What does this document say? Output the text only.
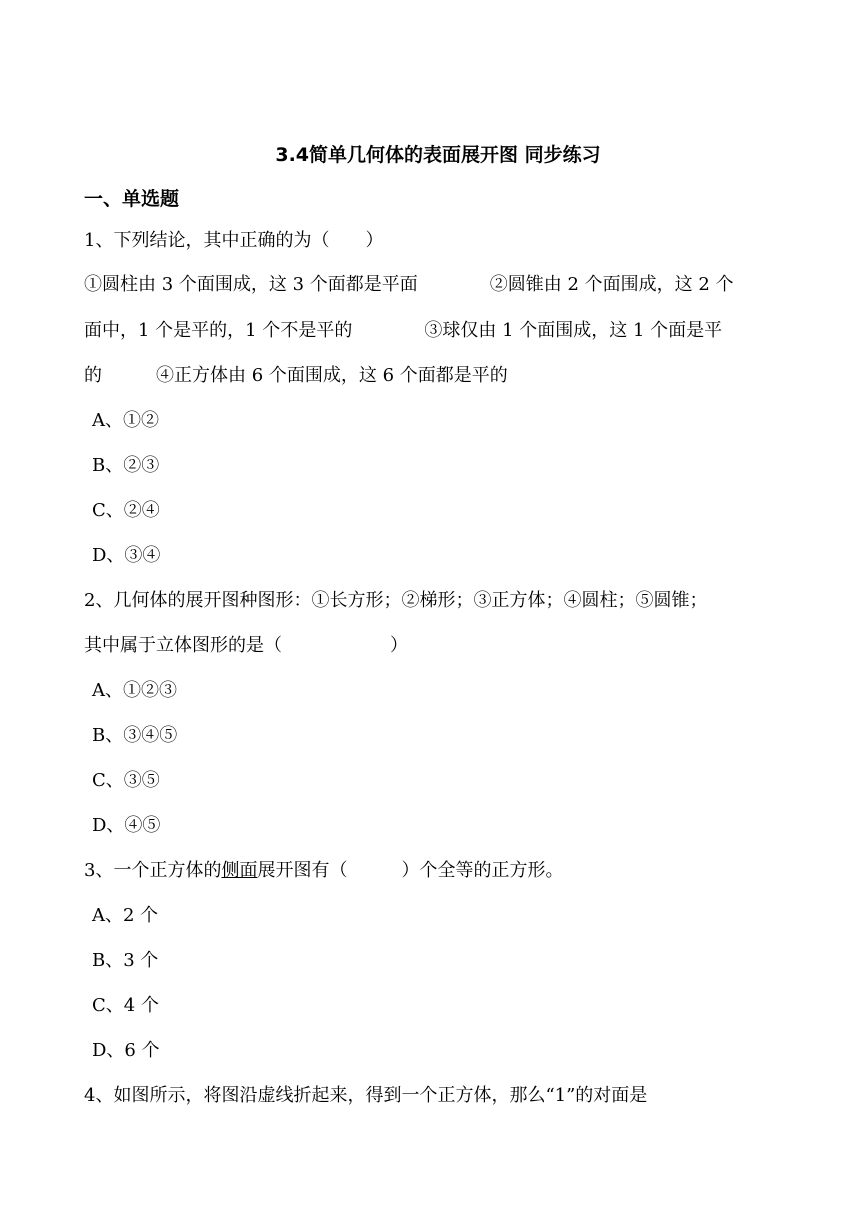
3.4简单几何体的表面展开图 同步练习
一、单选题
1、下列结论，其中正确的为（　　）
①圆柱由 3 个面围成，这 3 个面都是平面　　　　②圆锥由 2 个面围成，这 2 个
面中，1 个是平的，1 个不是平的　　　　③球仅由 1 个面围成，这 1 个面是平
的　　　④正方体由 6 个面围成，这 6 个面都是平的
A、①②
B、②③
C、②④
D、③④
2、几何体的展开图种图形：①长方形；②梯形；③正方体；④圆柱；⑤圆锥；
其中属于立体图形的是（　　　　　　）
A、①②③
B、③④⑤
C、③⑤
D、④⑤
3、一个正方体的侧面展开图有（　　　）个全等的正方形。
A、2 个
B、3 个
C、4 个
D、6 个
4、如图所示，将图沿虚线折起来，得到一个正方体，那么“1”的对面是
